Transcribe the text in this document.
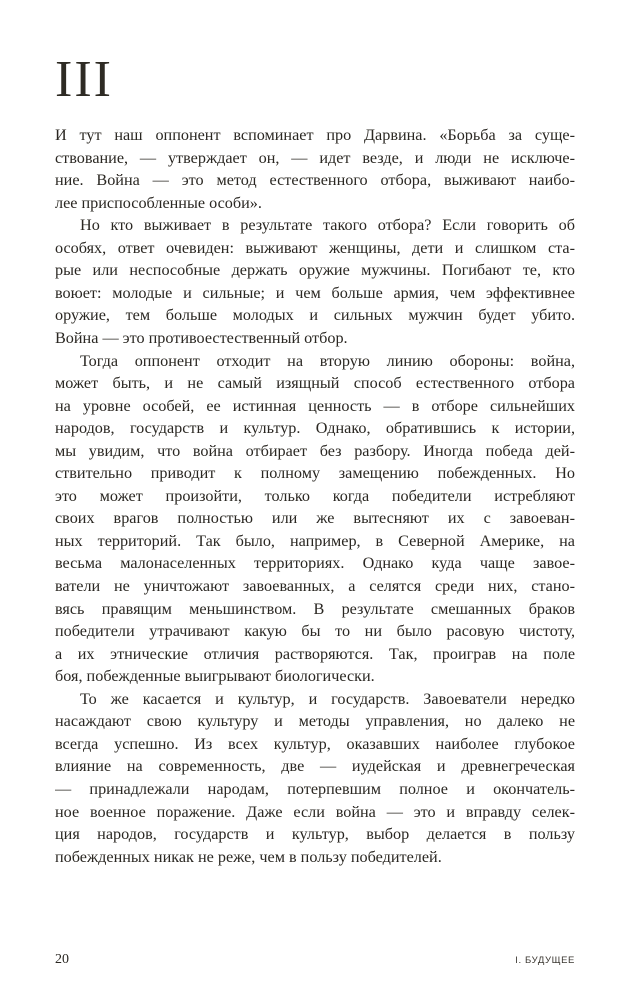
III
И тут наш оппонент вспоминает про Дарвина. «Борьба за суще-
ствование, — утверждает он, — идет везде, и люди не исключе-
ние. Война — это метод естественного отбора, выживают наибо-
лее приспособленные особи».
Но кто выживает в результате такого отбора? Если говорить об
особях, ответ очевиден: выживают женщины, дети и слишком ста-
рые или неспособные держать оружие мужчины. Погибают те, кто
воюет: молодые и сильные; и чем больше армия, чем эффективнее
оружие, тем больше молодых и сильных мужчин будет убито.
Война — это противоестественный отбор.
Тогда оппонент отходит на вторую линию обороны: война,
может быть, и не самый изящный способ естественного отбора
на уровне особей, ее истинная ценность — в отборе сильнейших
народов, государств и культур. Однако, обратившись к истории,
мы увидим, что война отбирает без разбору. Иногда победа дей-
ствительно приводит к полному замещению побежденных. Но
это может произойти, только когда победители истребляют
своих врагов полностью или же вытесняют их с завоеван-
ных территорий. Так было, например, в Северной Америке, на
весьма малонаселенных территориях. Однако куда чаще завое-
ватели не уничтожают завоеванных, а селятся среди них, стано-
вясь правящим меньшинством. В результате смешанных браков
победители утрачивают какую бы то ни было расовую чистоту,
а их этнические отличия растворяются. Так, проиграв на поле
боя, побежденные выигрывают биологически.
То же касается и культур, и государств. Завоеватели нередко
насаждают свою культуру и методы управления, но далеко не
всегда успешно. Из всех культур, оказавших наиболее глубокое
влияние на современность, две — иудейская и древнегреческая
— принадлежали народам, потерпевшим полное и окончатель-
ное военное поражение. Даже если война — это и вправду селек-
ция народов, государств и культур, выбор делается в пользу
побежденных никак не реже, чем в пользу победителей.
20	I. БУДУЩЕЕ
